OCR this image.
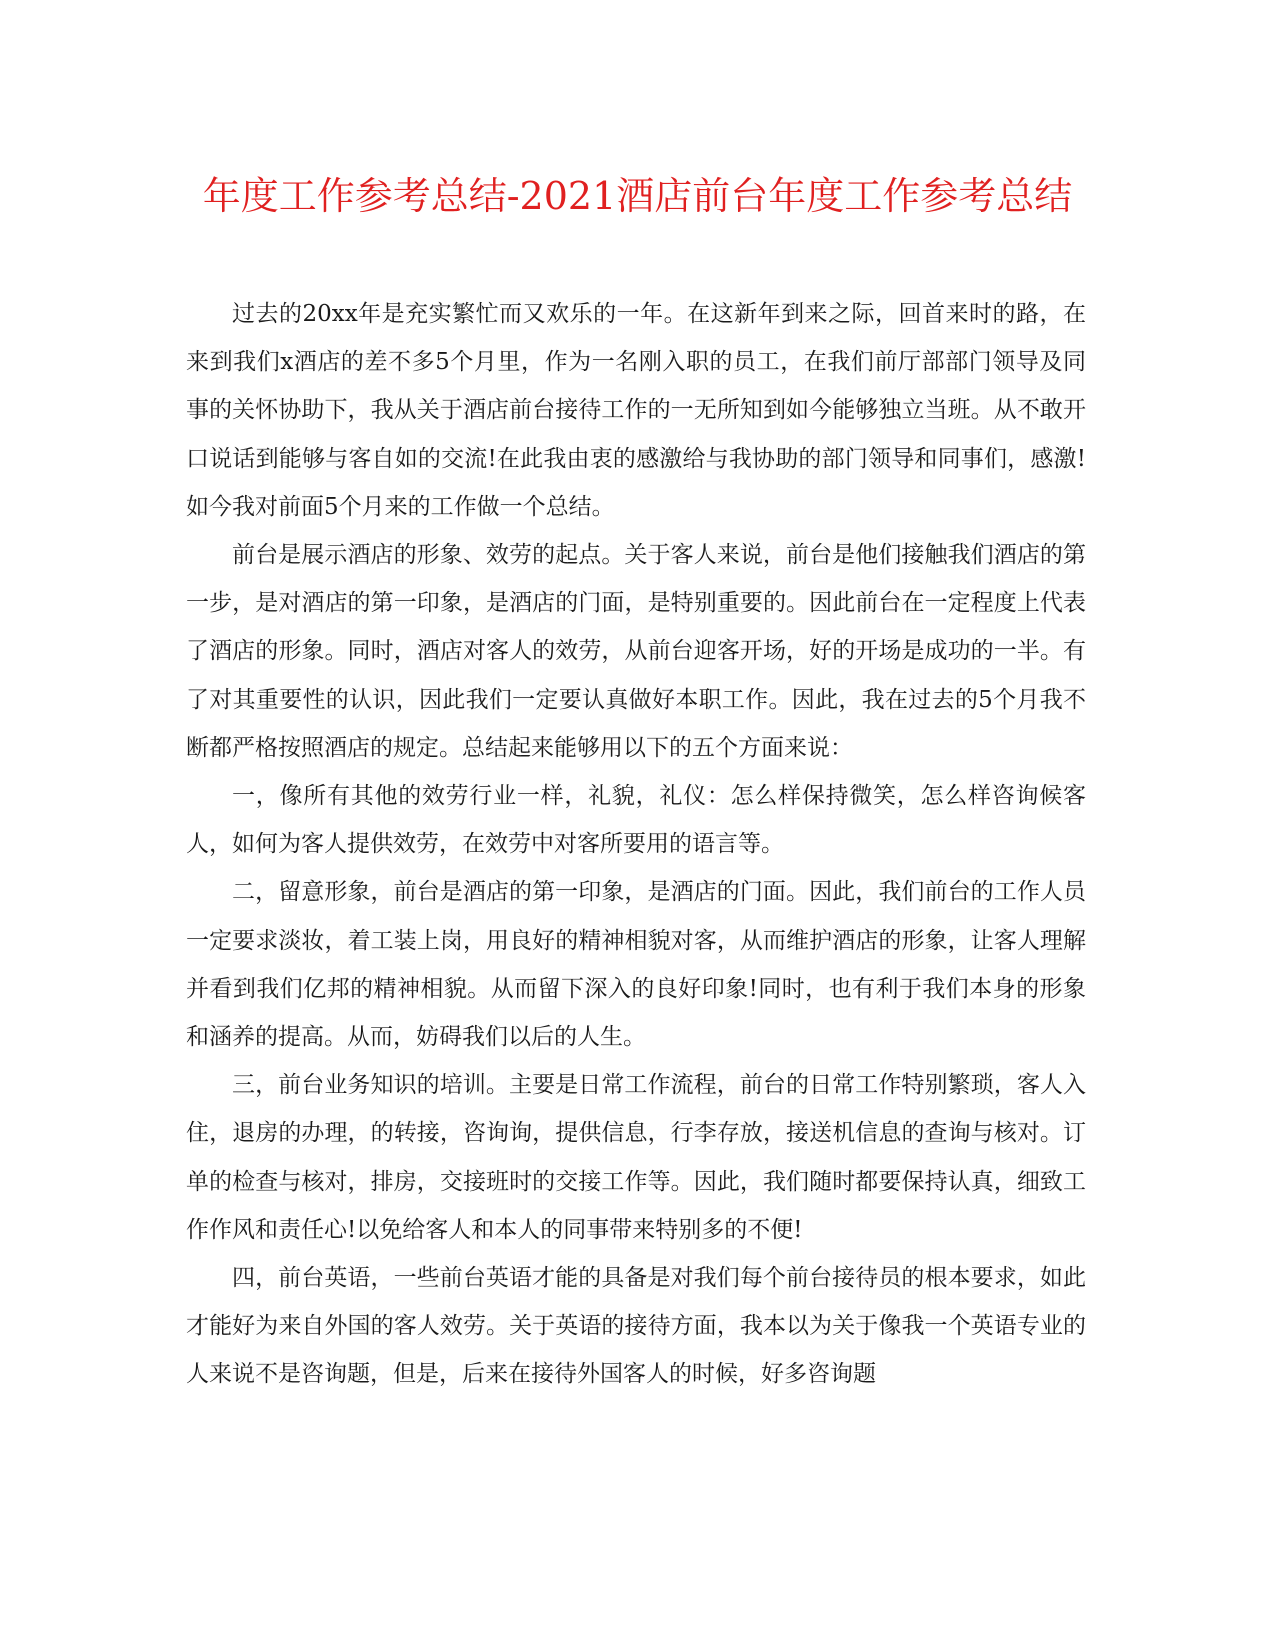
年度工作参考总结-2021酒店前台年度工作参考总结

过去的20xx年是充实繁忙而又欢乐的一年。在这新年到来之际，回首来时的路，在来到我们x酒店的差不多5个月里，作为一名刚入职的员工，在我们前厅部部门领导及同事的关怀协助下，我从关于酒店前台接待工作的一无所知到如今能够独立当班。从不敢开口说话到能够与客自如的交流!在此我由衷的感激给与我协助的部门领导和同事们，感激!如今我对前面5个月来的工作做一个总结。

前台是展示酒店的形象、效劳的起点。关于客人来说，前台是他们接触我们酒店的第一步，是对酒店的第一印象，是酒店的门面，是特别重要的。因此前台在一定程度上代表了酒店的形象。同时，酒店对客人的效劳，从前台迎客开场，好的开场是成功的一半。有了对其重要性的认识，因此我们一定要认真做好本职工作。因此，我在过去的5个月我不断都严格按照酒店的规定。总结起来能够用以下的五个方面来说：

一，像所有其他的效劳行业一样，礼貌，礼仪：怎么样保持微笑，怎么样咨询候客人，如何为客人提供效劳，在效劳中对客所要用的语言等。

二，留意形象，前台是酒店的第一印象，是酒店的门面。因此，我们前台的工作人员一定要求淡妆，着工装上岗，用良好的精神相貌对客，从而维护酒店的形象，让客人理解并看到我们亿邦的精神相貌。从而留下深入的良好印象!同时，也有利于我们本身的形象和涵养的提高。从而，妨碍我们以后的人生。

三，前台业务知识的培训。主要是日常工作流程，前台的日常工作特别繁琐，客人入住，退房的办理，的转接，咨询询，提供信息，行李存放，接送机信息的查询与核对。订单的检查与核对，排房，交接班时的交接工作等。因此，我们随时都要保持认真，细致工作作风和责任心!以免给客人和本人的同事带来特别多的不便!

四，前台英语，一些前台英语才能的具备是对我们每个前台接待员的根本要求，如此才能好为来自外国的客人效劳。关于英语的接待方面，我本以为关于像我一个英语专业的人来说不是咨询题，但是，后来在接待外国客人的时候，好多咨询题
